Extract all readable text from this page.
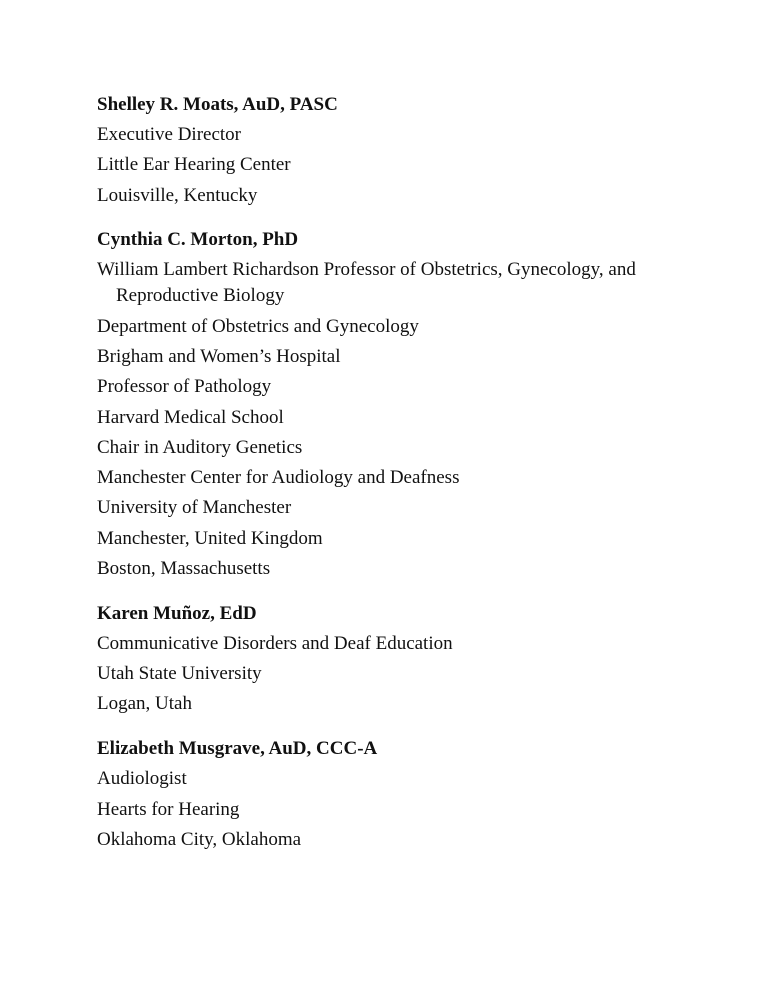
Shelley R. Moats, AuD, PASC
Executive Director
Little Ear Hearing Center
Louisville, Kentucky
Cynthia C. Morton, PhD
William Lambert Richardson Professor of Obstetrics, Gynecology, and
Reproductive Biology
Department of Obstetrics and Gynecology
Brigham and Women’s Hospital
Professor of Pathology
Harvard Medical School
Chair in Auditory Genetics
Manchester Center for Audiology and Deafness
University of Manchester
Manchester, United Kingdom
Boston, Massachusetts
Karen Muñoz, EdD
Communicative Disorders and Deaf Education
Utah State University
Logan, Utah
Elizabeth Musgrave, AuD, CCC-A
Audiologist
Hearts for Hearing
Oklahoma City, Oklahoma
